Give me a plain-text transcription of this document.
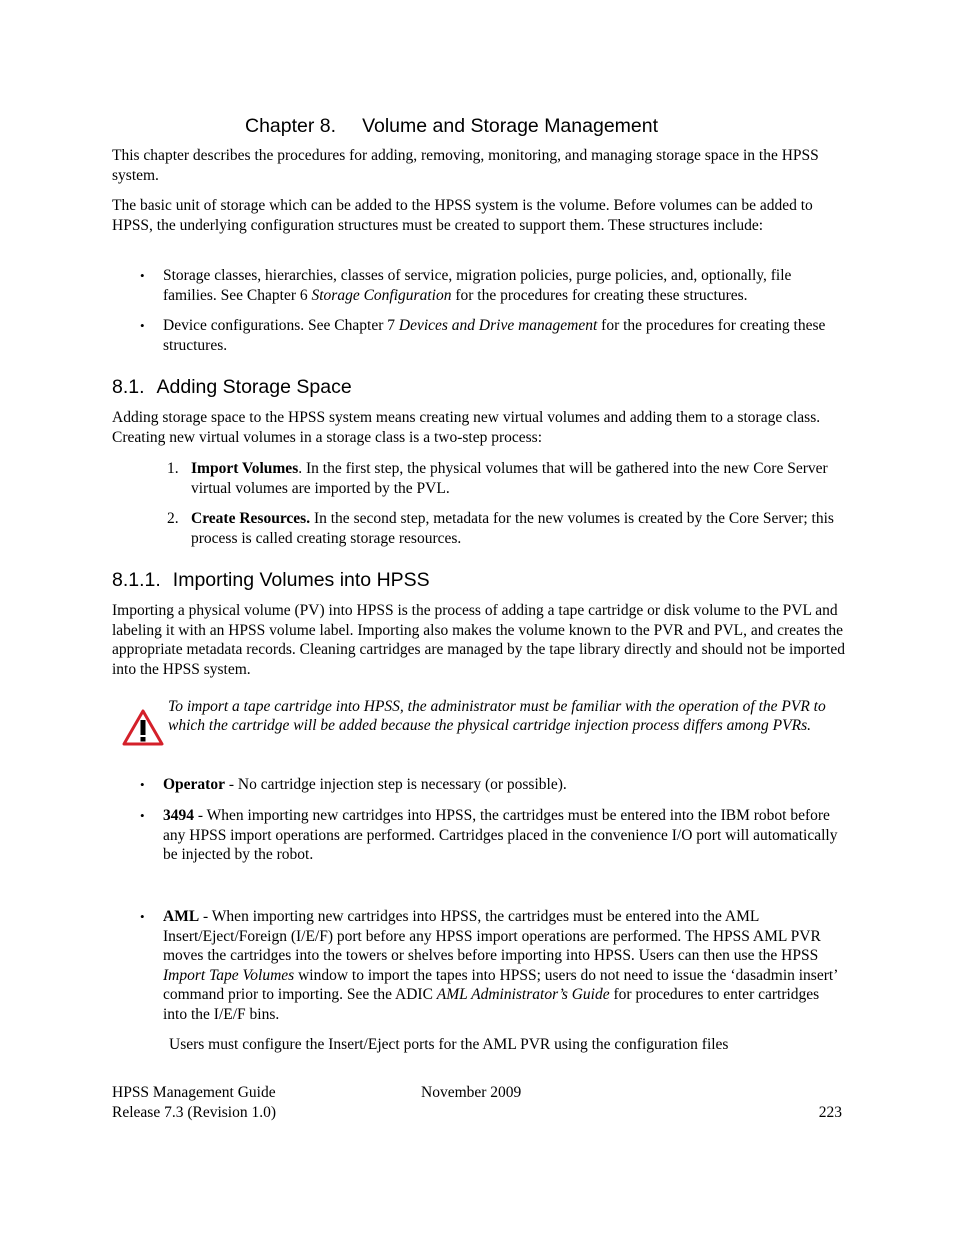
Chapter 8. Volume and Storage Management

This chapter describes the procedures for adding, removing, monitoring, and managing storage space in the HPSS system.

The basic unit of storage which can be added to the HPSS system is the volume. Before volumes can be added to HPSS, the underlying configuration structures must be created to support them. These structures include:

•	Storage classes, hierarchies, classes of service, migration policies, purge policies, and, optionally, file families. See Chapter 6 Storage Configuration for the procedures for creating these structures.

•	Device configurations. See Chapter 7 Devices and Drive management for the procedures for creating these structures.

8.1. Adding Storage Space

Adding storage space to the HPSS system means creating new virtual volumes and adding them to a storage class. Creating new virtual volumes in a storage class is a two-step process:

1. Import Volumes. In the first step, the physical volumes that will be gathered into the new Core Server virtual volumes are imported by the PVL.

2. Create Resources. In the second step, metadata for the new volumes is created by the Core Server; this process is called creating storage resources.

8.1.1. Importing Volumes into HPSS

Importing a physical volume (PV) into HPSS is the process of adding a tape cartridge or disk volume to the PVL and labeling it with an HPSS volume label. Importing also makes the volume known to the PVR and PVL, and creates the appropriate metadata records. Cleaning cartridges are managed by the tape library directly and should not be imported into the HPSS system.

To import a tape cartridge into HPSS, the administrator must be familiar with the operation of the PVR to which the cartridge will be added because the physical cartridge injection process differs among PVRs.

•	Operator - No cartridge injection step is necessary (or possible).

•	3494 - When importing new cartridges into HPSS, the cartridges must be entered into the IBM robot before any HPSS import operations are performed. Cartridges placed in the convenience I/O port will automatically be injected by the robot.

•	AML - When importing new cartridges into HPSS, the cartridges must be entered into the AML Insert/Eject/Foreign (I/E/F) port before any HPSS import operations are performed. The HPSS AML PVR moves the cartridges into the towers or shelves before importing into HPSS. Users can then use the HPSS Import Tape Volumes window to import the tapes into HPSS; users do not need to issue the ‘dasadmin insert’ command prior to importing. See the ADIC AML Administrator’s Guide for procedures to enter cartridges into the I/E/F bins.

Users must configure the Insert/Eject ports for the AML PVR using the configuration files

HPSS Management Guide
Release 7.3 (Revision 1.0)
November 2009
223
